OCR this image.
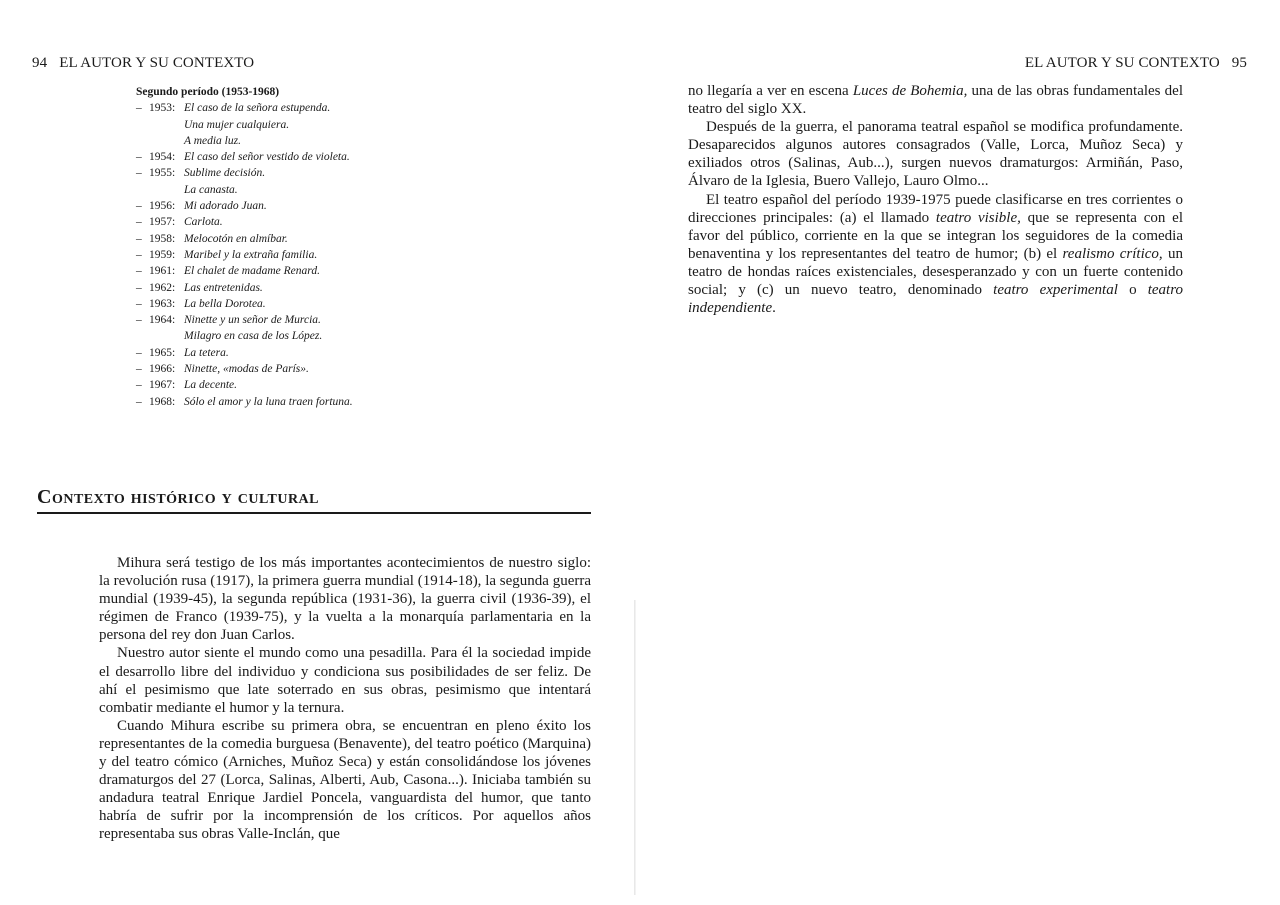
94 EL AUTOR Y SU CONTEXTO
Segundo período (1953-1968)
– 1953: El caso de la señora estupenda.
Una mujer cualquiera.
A media luz.
– 1954: El caso del señor vestido de violeta.
– 1955: Sublime decisión.
La canasta.
– 1956: Mi adorado Juan.
– 1957: Carlota.
– 1958: Melocotón en almíbar.
– 1959: Maribel y la extraña familia.
– 1961: El chalet de madame Renard.
– 1962: Las entretenidas.
– 1963: La bella Dorotea.
– 1964: Ninette y un señor de Murcia.
Milagro en casa de los López.
– 1965: La tetera.
– 1966: Ninette, «modas de París».
– 1967: La decente.
– 1968: Sólo el amor y la luna traen fortuna.
Contexto histórico y cultural

Mihura será testigo de los más importantes acontecimientos de nuestro siglo: la revolución rusa (1917), la primera guerra mundial (1914-18), la segunda guerra mundial (1939-45), la segunda república (1931-36), la guerra civil (1936-39), el régimen de Franco (1939-75), y la vuelta a la monarquía parlamentaria en la persona del rey don Juan Carlos.

Nuestro autor siente el mundo como una pesadilla. Para él la sociedad impide el desarrollo libre del individuo y condiciona sus posibilidades de ser feliz. De ahí el pesimismo que late soterrado en sus obras, pesimismo que intentará combatir mediante el humor y la ternura.

Cuando Mihura escribe su primera obra, se encuentran en pleno éxito los representantes de la comedia burguesa (Benavente), del teatro poético (Marquina) y del teatro cómico (Arniches, Muñoz Seca) y están consolidándose los jóvenes dramaturgos del 27 (Lorca, Salinas, Alberti, Aub, Casona...). Iniciaba también su andadura teatral Enrique Jardiel Poncela, vanguardista del humor, que tanto habría de sufrir por la incomprensión de los críticos. Por aquellos años representaba sus obras Valle-Inclán, que

EL AUTOR Y SU CONTEXTO 95

no llegaría a ver en escena Luces de Bohemia, una de las obras fundamentales del teatro del siglo XX.

Después de la guerra, el panorama teatral español se modifica profundamente. Desaparecidos algunos autores consagrados (Valle, Lorca, Muñoz Seca) y exiliados otros (Salinas, Aub...), surgen nuevos dramaturgos: Armiñán, Paso, Álvaro de la Iglesia, Buero Vallejo, Lauro Olmo...

El teatro español del período 1939-1975 puede clasificarse en tres corrientes o direcciones principales: (a) el llamado teatro visible, que se representa con el favor del público, corriente en la que se integran los seguidores de la comedia benaventina y los representantes del teatro de humor; (b) el realismo crítico, un teatro de hondas raíces existenciales, desesperanzado y con un fuerte contenido social; y (c) un nuevo teatro, denominado teatro experimental o teatro independiente.
